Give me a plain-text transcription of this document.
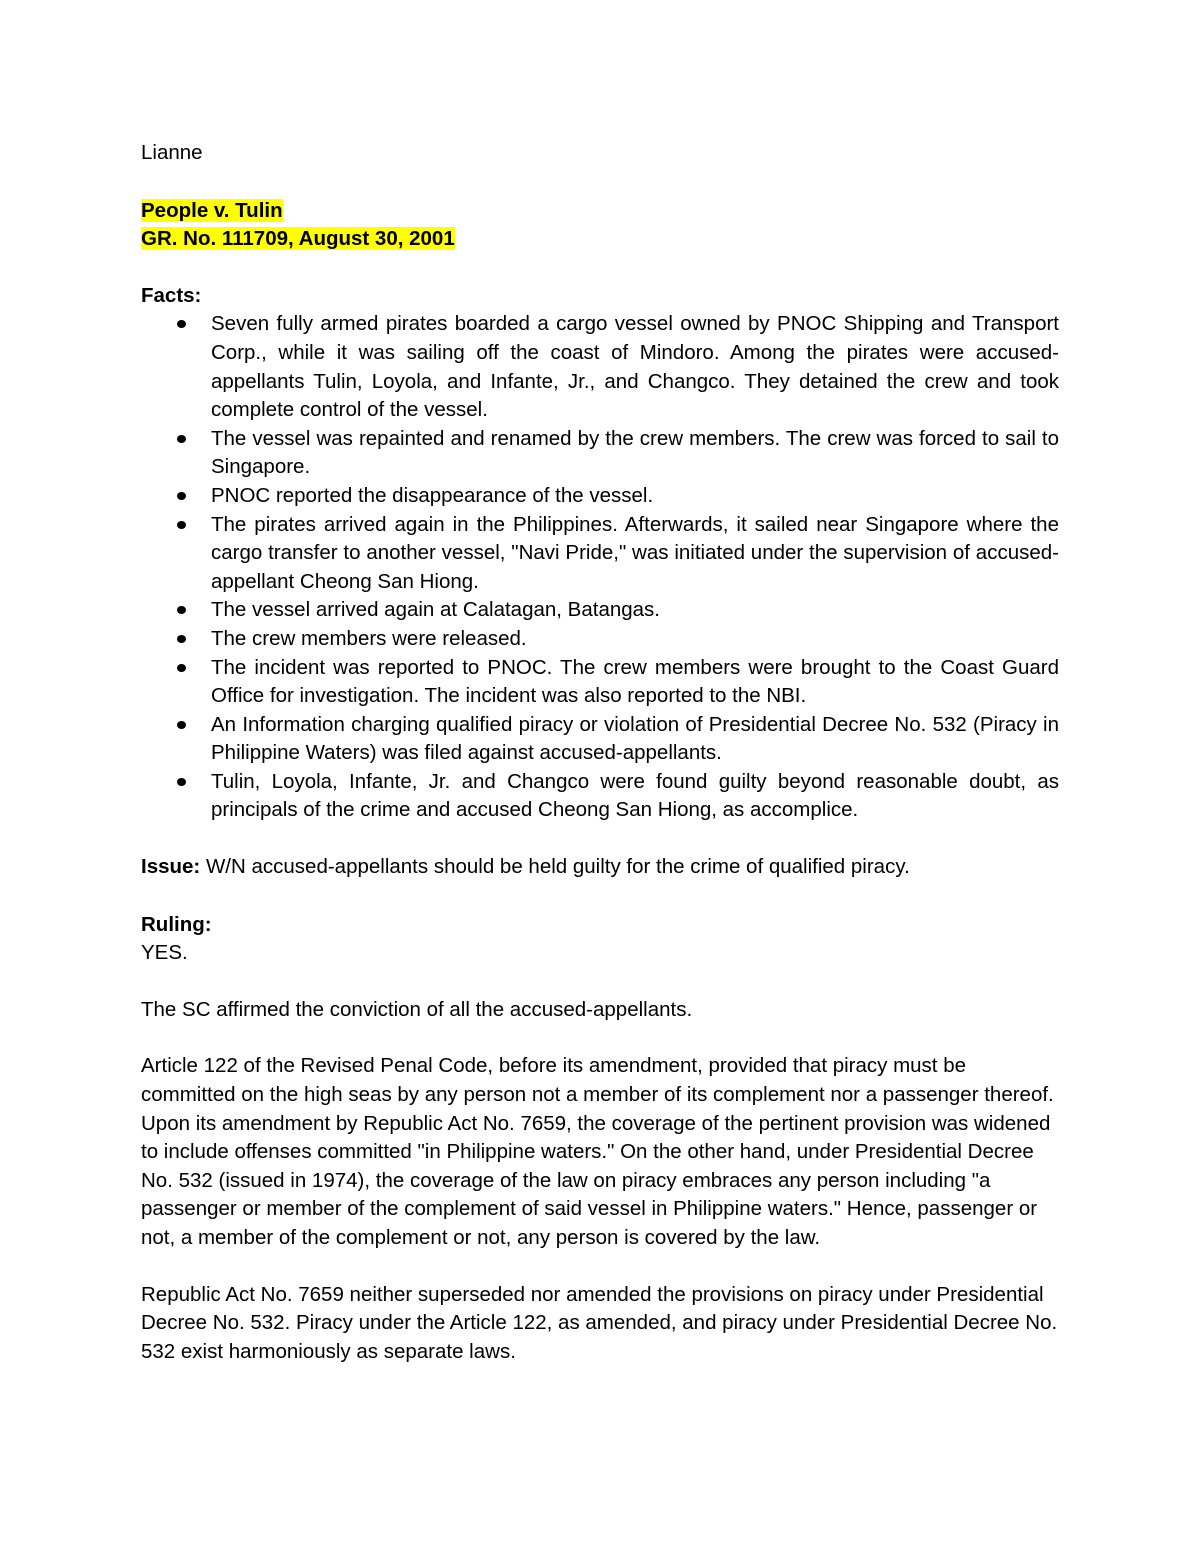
Lianne

People v. Tulin

GR. No. 111709, August 30, 2001

Facts:

Seven fully armed pirates boarded a cargo vessel owned by PNOC Shipping and Transport Corp., while it was sailing off the coast of Mindoro. Among the pirates were accused-appellants Tulin, Loyola, and Infante, Jr., and Changco. They detained the crew and took complete control of the vessel.
The vessel was repainted and renamed by the crew members. The crew was forced to sail to Singapore.
PNOC reported the disappearance of the vessel.
The pirates arrived again in the Philippines. Afterwards, it sailed near Singapore where the cargo transfer to another vessel, "Navi Pride," was initiated under the supervision of accused-appellant Cheong San Hiong.
The vessel arrived again at Calatagan, Batangas.
The crew members were released.
The incident was reported to PNOC. The crew members were brought to the Coast Guard Office for investigation. The incident was also reported to the NBI.
An Information charging qualified piracy or violation of Presidential Decree No. 532 (Piracy in Philippine Waters) was filed against accused-appellants.
Tulin, Loyola, Infante, Jr. and Changco were found guilty beyond reasonable doubt, as principals of the crime and accused Cheong San Hiong, as accomplice.

Issue: W/N accused-appellants should be held guilty for the crime of qualified piracy.

Ruling:

YES.

The SC affirmed the conviction of all the accused-appellants.

Article 122 of the Revised Penal Code, before its amendment, provided that piracy must be committed on the high seas by any person not a member of its complement nor a passenger thereof. Upon its amendment by Republic Act No. 7659, the coverage of the pertinent provision was widened to include offenses committed "in Philippine waters." On the other hand, under Presidential Decree No. 532 (issued in 1974), the coverage of the law on piracy embraces any person including "a passenger or member of the complement of said vessel in Philippine waters." Hence, passenger or not, a member of the complement or not, any person is covered by the law.

Republic Act No. 7659 neither superseded nor amended the provisions on piracy under Presidential Decree No. 532. Piracy under the Article 122, as amended, and piracy under Presidential Decree No. 532 exist harmoniously as separate laws.
